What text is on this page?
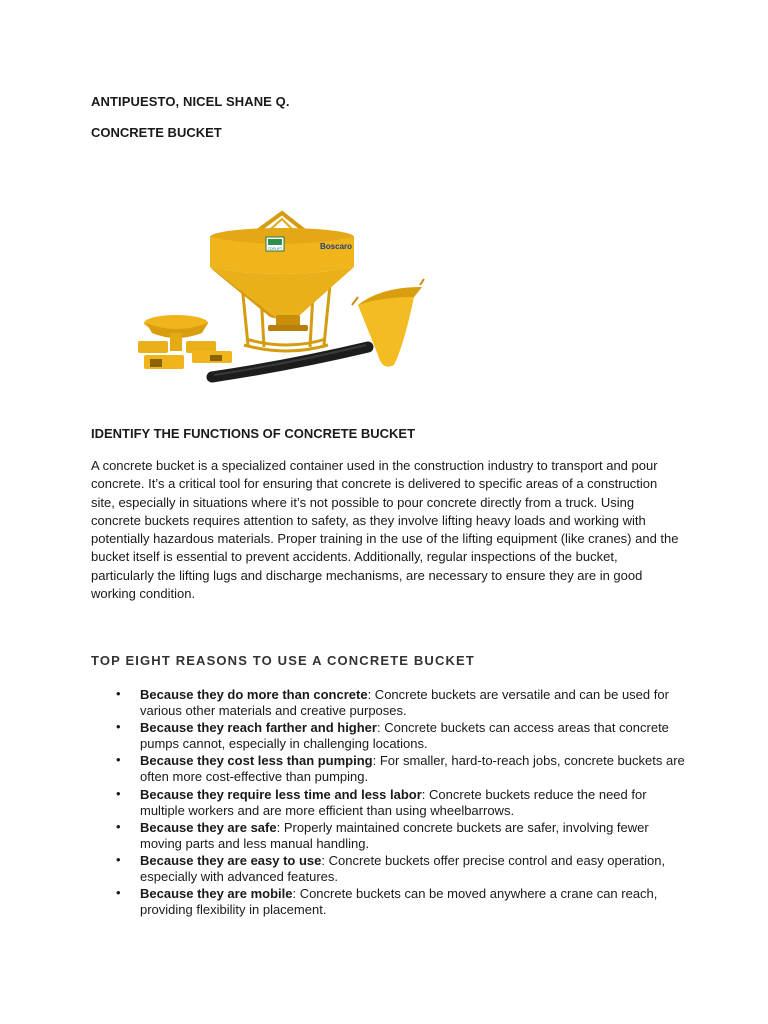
ANTIPUESTO, NICEL SHANE Q.
CONCRETE BUCKET
TOPLIFT	Boscaro
IDENTIFY THE FUNCTIONS OF CONCRETE BUCKET

A concrete bucket is a specialized container used in the construction industry to transport and pour concrete. It’s a critical tool for ensuring that concrete is delivered to specific areas of a construction site, especially in situations where it’s not possible to pour concrete directly from a truck. Using concrete buckets requires attention to safety, as they involve lifting heavy loads and working with potentially hazardous materials. Proper training in the use of the lifting equipment (like cranes) and the bucket itself is essential to prevent accidents. Additionally, regular inspections of the bucket, particularly the lifting lugs and discharge mechanisms, are necessary to ensure they are in good working condition.

TOP EIGHT REASONS TO USE A CONCRETE BUCKET
• Because they do more than concrete: Concrete buckets are versatile and can be used for various other materials and creative purposes.
• Because they reach farther and higher: Concrete buckets can access areas that concrete pumps cannot, especially in challenging locations.
• Because they cost less than pumping: For smaller, hard-to-reach jobs, concrete buckets are often more cost-effective than pumping.
• Because they require less time and less labor: Concrete buckets reduce the need for multiple workers and are more efficient than using wheelbarrows.
• Because they are safe: Properly maintained concrete buckets are safer, involving fewer moving parts and less manual handling.
• Because they are easy to use: Concrete buckets offer precise control and easy operation, especially with advanced features.
• Because they are mobile: Concrete buckets can be moved anywhere a crane can reach, providing flexibility in placement.
